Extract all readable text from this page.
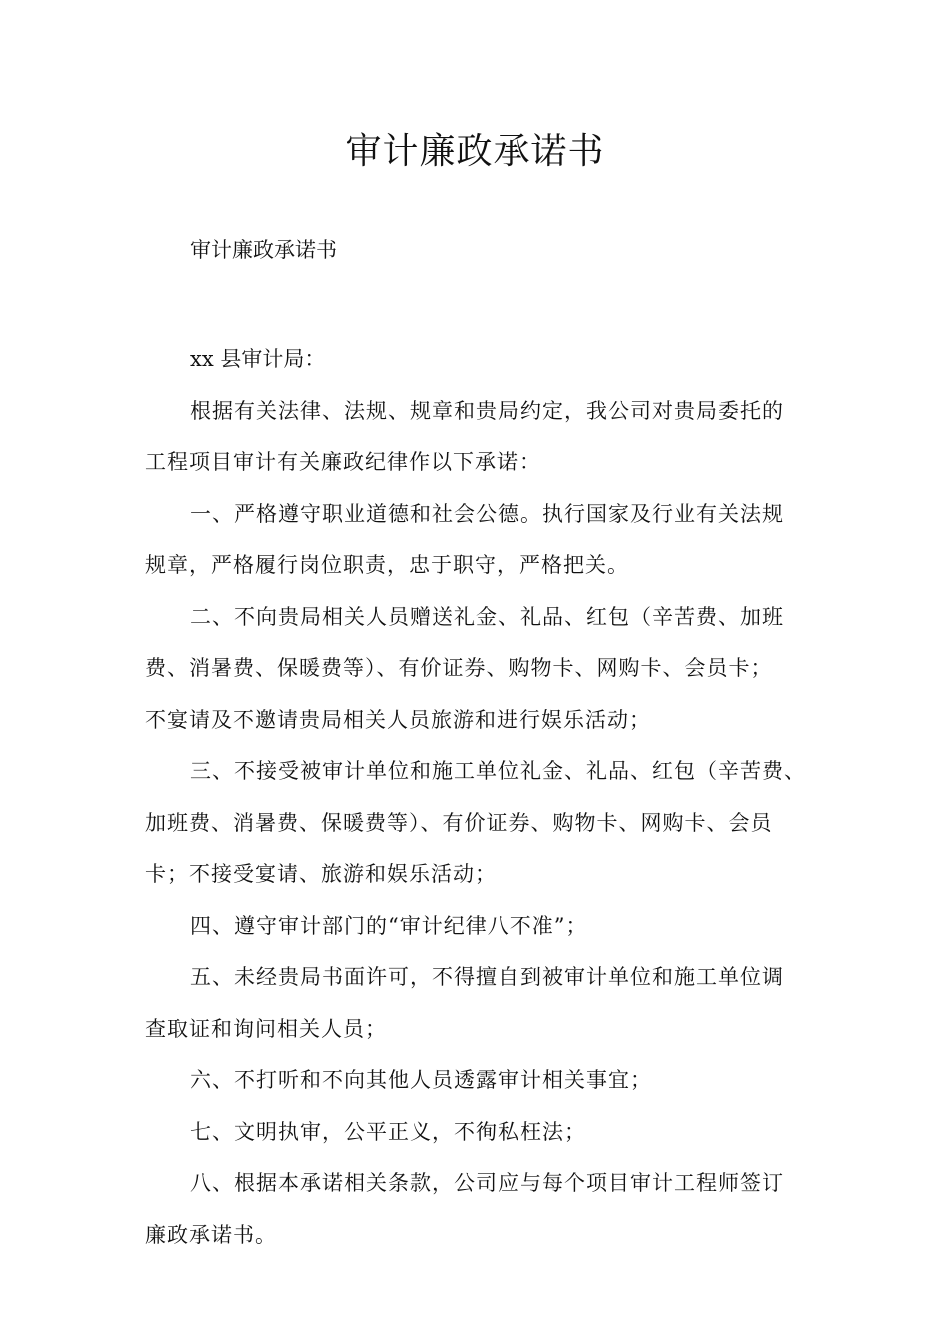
审计廉政承诺书

审计廉政承诺书

xx 县审计局：

根据有关法律、法规、规章和贵局约定，我公司对贵局委托的
工程项目审计有关廉政纪律作以下承诺：

一、严格遵守职业道德和社会公德。执行国家及行业有关法规
规章，严格履行岗位职责，忠于职守，严格把关。

二、不向贵局相关人员赠送礼金、礼品、红包（辛苦费、加班
费、消暑费、保暖费等）、有价证券、购物卡、网购卡、会员卡；
不宴请及不邀请贵局相关人员旅游和进行娱乐活动；

三、不接受被审计单位和施工单位礼金、礼品、红包（辛苦费、
加班费、消暑费、保暖费等）、有价证券、购物卡、网购卡、会员
卡；不接受宴请、旅游和娱乐活动；

四、遵守审计部门的“审计纪律八不准”；

五、未经贵局书面许可，不得擅自到被审计单位和施工单位调
查取证和询问相关人员；

六、不打听和不向其他人员透露审计相关事宜；

七、文明执审，公平正义，不徇私枉法；

八、根据本承诺相关条款，公司应与每个项目审计工程师签订
廉政承诺书。
